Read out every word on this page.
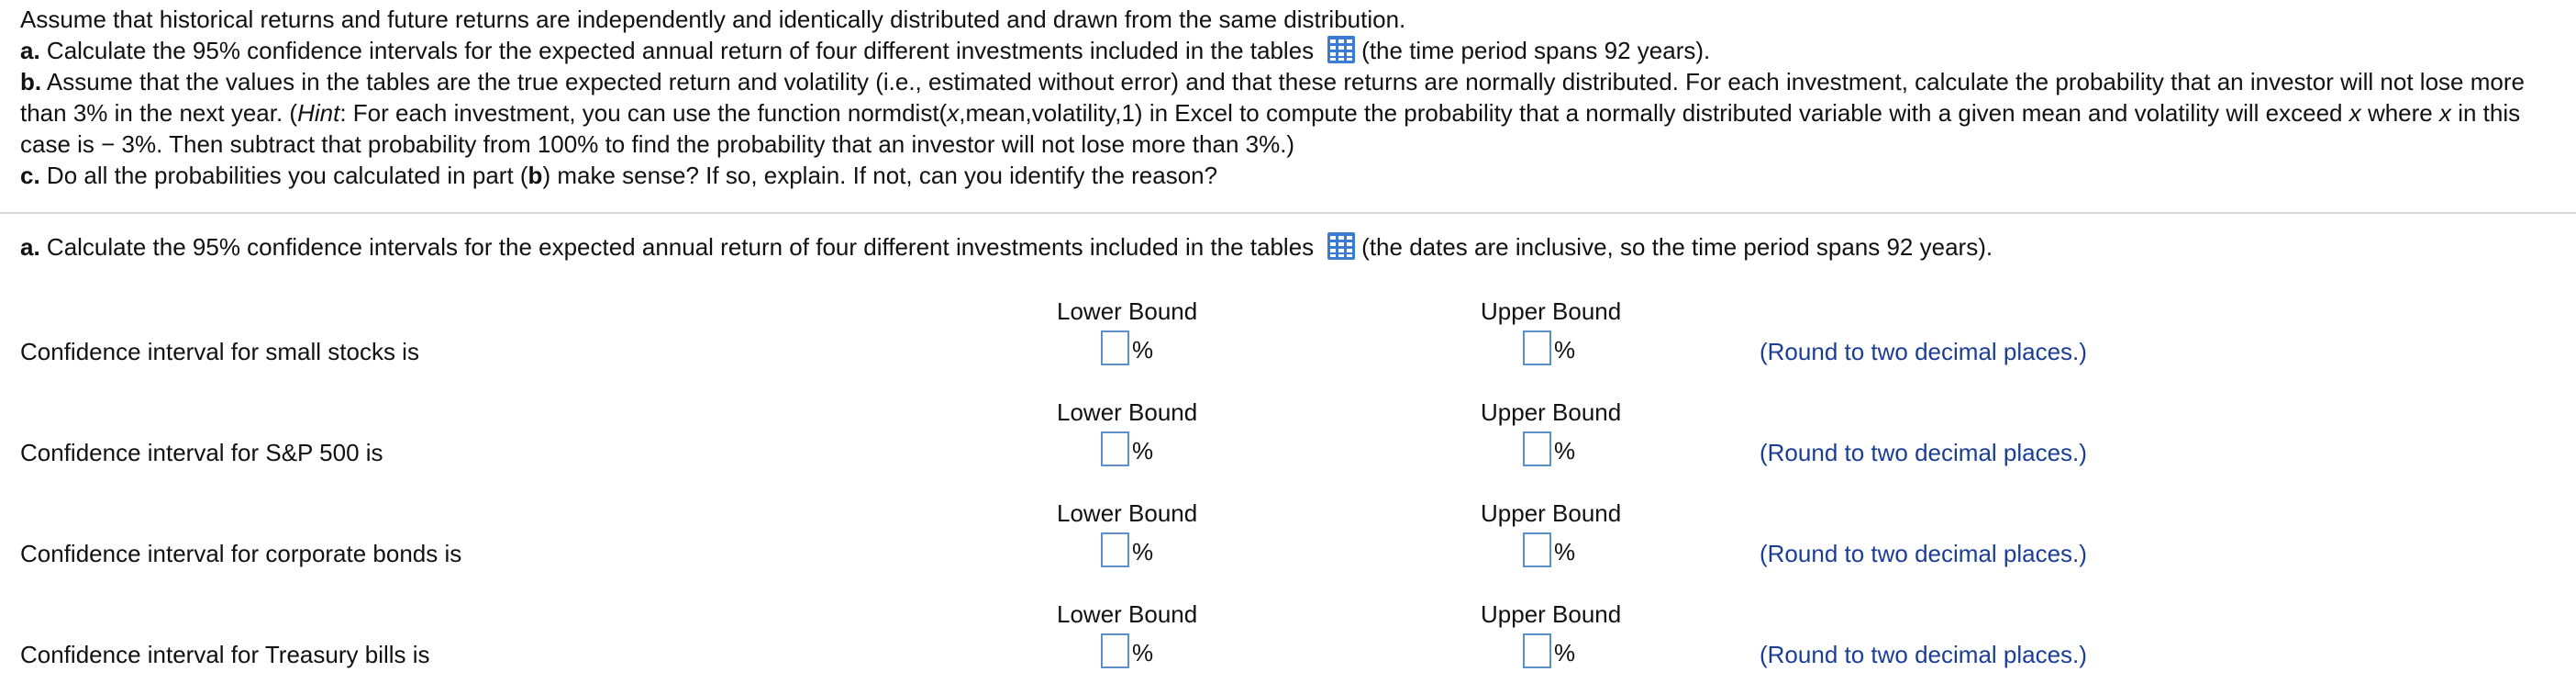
Assume that historical returns and future returns are independently and identically distributed and drawn from the same distribution.

a. Calculate the 95% confidence intervals for the expected annual return of four different investments included in the tables (the time period spans 92 years).

b. Assume that the values in the tables are the true expected return and volatility (i.e., estimated without error) and that these returns are normally distributed. For each investment, calculate the probability that an investor will not lose more than 3% in the next year. (Hint: For each investment, you can use the function normdist(x,mean,volatility,1) in Excel to compute the probability that a normally distributed variable with a given mean and volatility will exceed x where x in this case is − 3%. Then subtract that probability from 100% to find the probability that an investor will not lose more than 3%.)

c. Do all the probabilities you calculated in part (b) make sense? If so, explain. If not, can you identify the reason?

a. Calculate the 95% confidence intervals for the expected annual return of four different investments included in the tables (the dates are inclusive, so the time period spans 92 years).
Lower Bound	Upper Bound
Confidence interval for small stocks is	%	%	(Round to two decimal places.)
Lower Bound	Upper Bound
Confidence interval for S&P 500 is	%	%	(Round to two decimal places.)
Lower Bound	Upper Bound
Confidence interval for corporate bonds is	%	%	(Round to two decimal places.)
Lower Bound	Upper Bound
Confidence interval for Treasury bills is	%	%	(Round to two decimal places.)
